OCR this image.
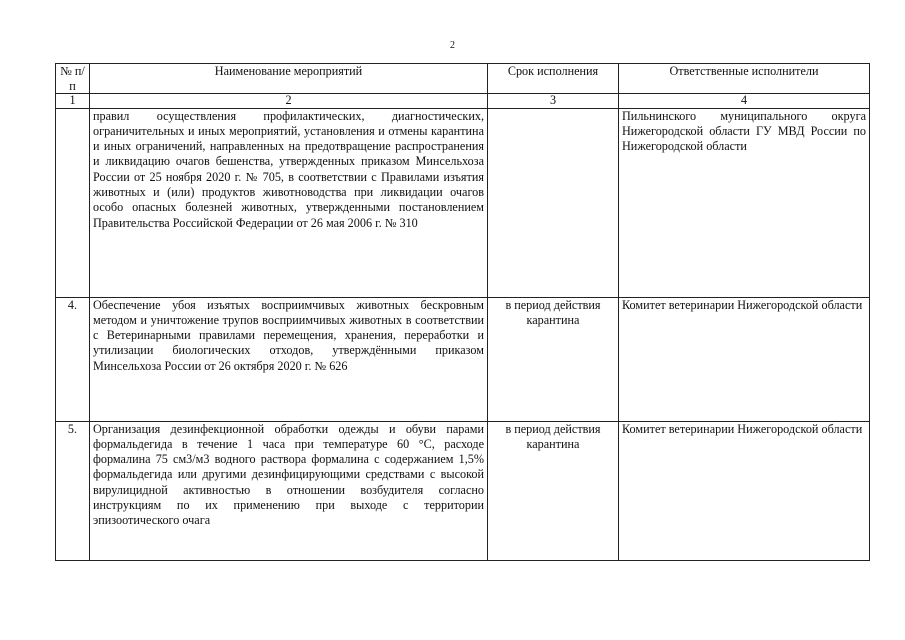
2
№ п/п	Наименование мероприятий	Срок исполнения	Ответственные исполнители
1	2	3	4
	правил осуществления профилактических, диагностических, ограничительных и иных мероприятий, установления и отмены карантина и иных ограничений, направленных на предотвращение распространения и ликвидацию очагов бешенства, утвержденных приказом Минсельхоза России от 25 ноября 2020 г. № 705, в соответствии с Правилами изъятия животных и (или) продуктов животноводства при ликвидации очагов особо опасных болезней животных, утвержденными постановлением Правительства Российской Федерации от 26 мая 2006 г. № 310		Пильнинского муниципального округа Нижегородской области ГУ МВД России по Нижегородской области
4.	Обеспечение убоя изъятых восприимчивых животных бескровным методом и уничтожение трупов восприимчивых животных в соответствии с Ветеринарными правилами перемещения, хранения, переработки и утилизации биологических отходов, утверждёнными приказом Минсельхоза России от 26 октября 2020 г. № 626	в период действия карантина	Комитет ветеринарии Нижегородской области
5.	Организация дезинфекционной обработки одежды и обуви парами формальдегида в течение 1 часа при температуре 60 °С, расходе формалина 75 см3/м3 водного раствора формалина с содержанием 1,5% формальдегида или другими дезинфицирующими средствами с высокой вирулицидной активностью в отношении возбудителя согласно инструкциям по их применению при выходе с территории эпизоотического очага	в период действия карантина	Комитет ветеринарии Нижегородской области
